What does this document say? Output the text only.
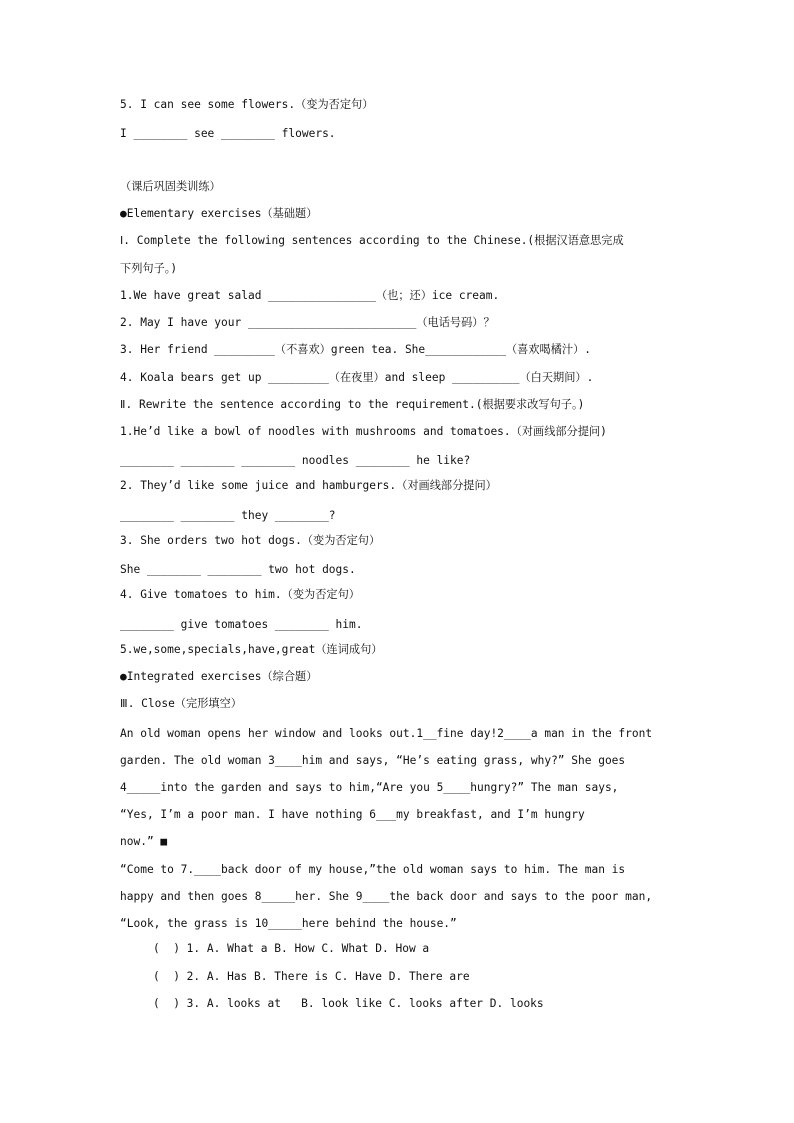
5. I can see some flowers.（变为否定句）
I ________ see ________ flowers.
（课后巩固类训练）
●Elementary exercises（基础题）
Ⅰ. Complete the following sentences according to the Chinese.(根据汉语意思完成
下列句子。)
1.We have great salad ________________（也；还）ice cream.
2. May I have your _________________________（电话号码）？
3. Her friend _________（不喜欢）green tea. She____________（喜欢喝橘汁）.
4. Koala bears get up _________（在夜里）and sleep __________（白天期间）.
Ⅱ. Rewrite the sentence according to the requirement.(根据要求改写句子。)
1.He’d like a bowl of noodles with mushrooms and tomatoes.（对画线部分提问)
________ ________ ________ noodles ________ he like?
2. They’d like some juice and hamburgers.（对画线部分提问）
________ ________ they ________?
3. She orders two hot dogs.（变为否定句）
She ________ ________ two hot dogs.
4. Give tomatoes to him.（变为否定句）
________ give tomatoes ________ him.
5.we,some,specials,have,great（连词成句）
●Integrated exercises（综合题）
Ⅲ. Close（完形填空）
An old woman opens her window and looks out.1__fine day!2____a man in the front
garden. The old woman 3____him and says, “He’s eating grass, why?” She goes
4_____into the garden and says to him,“Are you 5____hungry?” The man says,
“Yes, I’m a poor man. I have nothing 6___my breakfast, and I’m hungry
now.” ■
“Come to 7.____back door of my house,”the old woman says to him. The man is
happy and then goes 8_____her. She 9____the back door and says to the poor man,
“Look, the grass is 10_____here behind the house.”
(  ) 1. A. What a B. How C. What D. How a
(  ) 2. A. Has B. There is C. Have D. There are
(  ) 3. A. looks at   B. look like C. looks after D. looks
